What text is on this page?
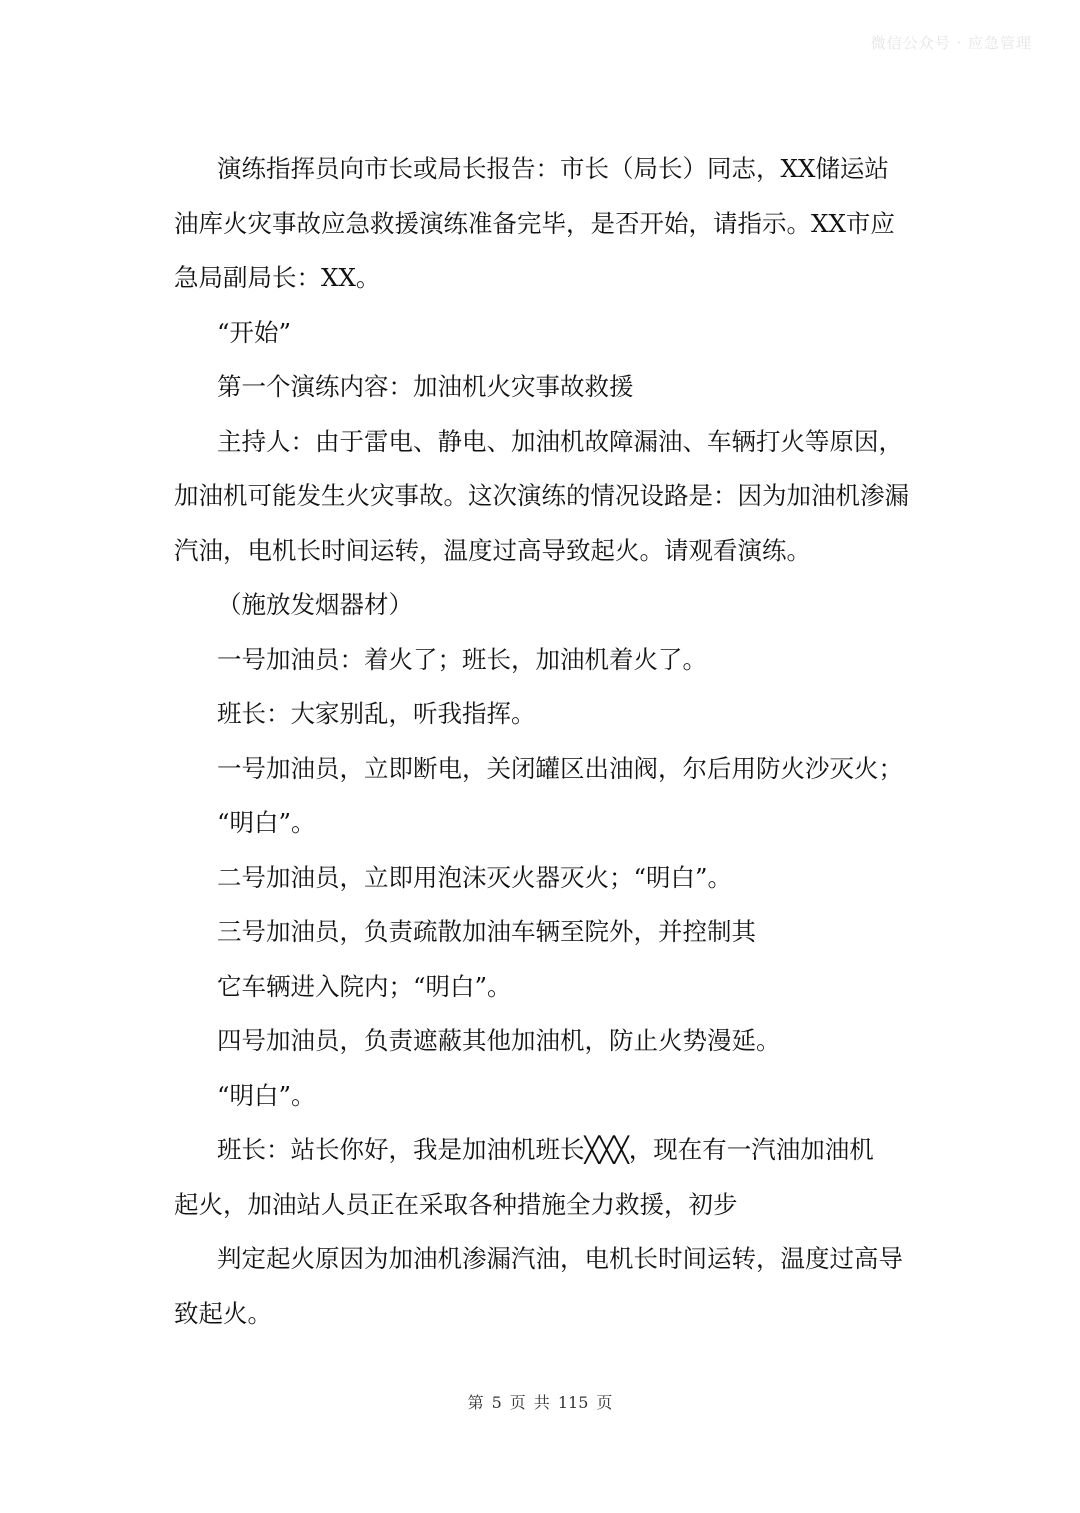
微信公众号 · 应急管理

演练指挥员向市长或局长报告：市长（局长）同志，XX储运站

油库火灾事故应急救援演练准备完毕，是否开始，请指示。XX市应

急局副局长：XX。

“开始”

第一个演练内容：加油机火灾事故救援

主持人：由于雷电、静电、加油机故障漏油、车辆打火等原因，

加油机可能发生火灾事故。这次演练的情况设路是：因为加油机渗漏

汽油，电机长时间运转，温度过高导致起火。请观看演练。

（施放发烟器材）

一号加油员：着火了；班长，加油机着火了。

班长：大家别乱，听我指挥。

一号加油员，立即断电，关闭罐区出油阀，尔后用防火沙灭火；

“明白”。

二号加油员，立即用泡沫灭火器灭火；“明白”。

三号加油员，负责疏散加油车辆至院外，并控制其

它车辆进入院内；“明白”。

四号加油员，负责遮蔽其他加油机，防止火势漫延。

“明白”。

班长：站长你好，我是加油机班长╳╳╳，现在有一汽油加油机

起火，加油站人员正在采取各种措施全力救援，初步

判定起火原因为加油机渗漏汽油，电机长时间运转，温度过高导

致起火。

第 5 页 共 115 页
